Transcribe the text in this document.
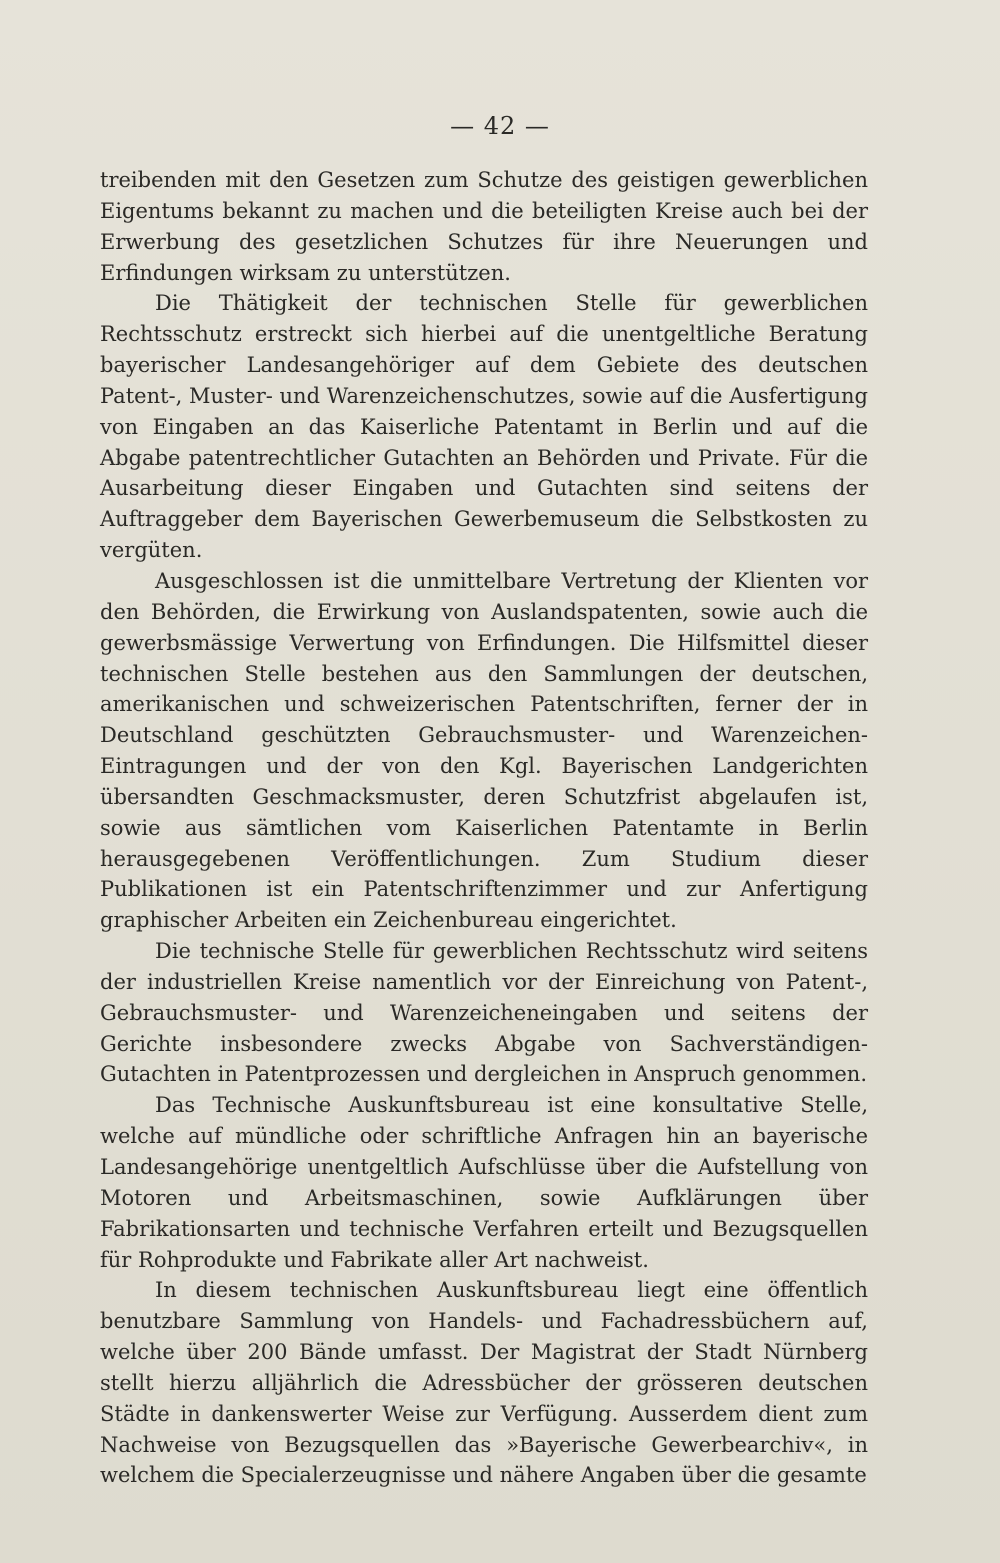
— 42 —

treibenden mit den Gesetzen zum Schutze des geistigen gewerblichen Eigentums bekannt zu machen und die beteiligten Kreise auch bei der Erwerbung des gesetzlichen Schutzes für ihre Neuerungen und Erfindungen wirksam zu unterstützen.

Die Thätigkeit der technischen Stelle für gewerblichen Rechtsschutz erstreckt sich hierbei auf die unentgeltliche Beratung bayerischer Landesangehöriger auf dem Gebiete des deutschen Patent-, Muster- und Warenzeichenschutzes, sowie auf die Ausfertigung von Eingaben an das Kaiserliche Patentamt in Berlin und auf die Abgabe patentrechtlicher Gutachten an Behörden und Private. Für die Ausarbeitung dieser Eingaben und Gutachten sind seitens der Auftraggeber dem Bayerischen Gewerbemuseum die Selbstkosten zu vergüten.

Ausgeschlossen ist die unmittelbare Vertretung der Klienten vor den Behörden, die Erwirkung von Auslandspatenten, sowie auch die gewerbsmässige Verwertung von Erfindungen. Die Hilfsmittel dieser technischen Stelle bestehen aus den Sammlungen der deutschen, amerikanischen und schweizerischen Patentschriften, ferner der in Deutschland geschützten Gebrauchsmuster- und Warenzeichen-Eintragungen und der von den Kgl. Bayerischen Landgerichten übersandten Geschmacksmuster, deren Schutzfrist abgelaufen ist, sowie aus sämtlichen vom Kaiserlichen Patentamte in Berlin herausgegebenen Veröffentlichungen. Zum Studium dieser Publikationen ist ein Patentschriftenzimmer und zur Anfertigung graphischer Arbeiten ein Zeichenbureau eingerichtet.

Die technische Stelle für gewerblichen Rechtsschutz wird seitens der industriellen Kreise namentlich vor der Einreichung von Patent-, Gebrauchsmuster- und Warenzeicheneingaben und seitens der Gerichte insbesondere zwecks Abgabe von Sachverständigen-Gutachten in Patentprozessen und dergleichen in Anspruch genommen.

Das Technische Auskunftsbureau ist eine konsultative Stelle, welche auf mündliche oder schriftliche Anfragen hin an bayerische Landesangehörige unentgeltlich Aufschlüsse über die Aufstellung von Motoren und Arbeitsmaschinen, sowie Aufklärungen über Fabrikationsarten und technische Verfahren erteilt und Bezugsquellen für Rohprodukte und Fabrikate aller Art nachweist.

In diesem technischen Auskunftsbureau liegt eine öffentlich benutzbare Sammlung von Handels- und Fachadressbüchern auf, welche über 200 Bände umfasst. Der Magistrat der Stadt Nürnberg stellt hierzu alljährlich die Adressbücher der grösseren deutschen Städte in dankenswerter Weise zur Verfügung. Ausserdem dient zum Nachweise von Bezugsquellen das »Bayerische Gewerbearchiv«, in welchem die Specialerzeugnisse und nähere Angaben über die gesamte
